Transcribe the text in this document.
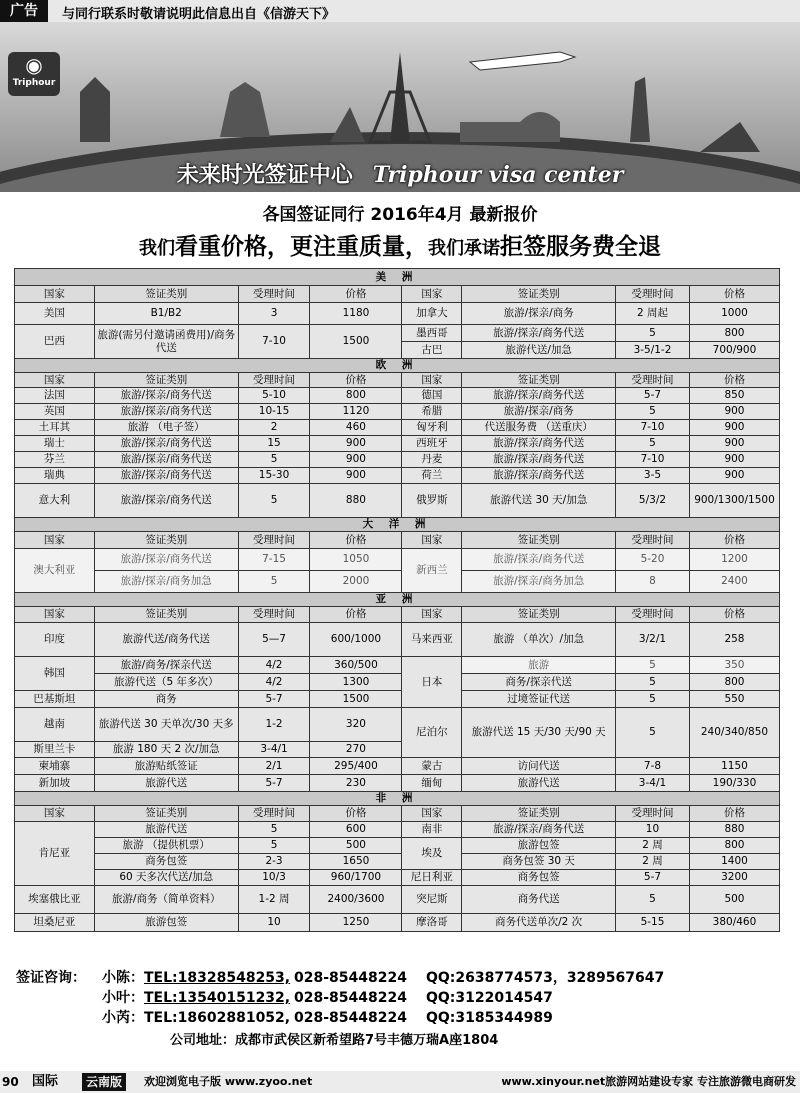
广告	与同行联系时敬请说明此信息出自《信游天下》
◉
Triphour
未来时光签证中心 Triphour visa center
各国签证同行 2016年4月 最新报价
我们看重价格，更注重质量，我们承诺拒签服务费全退
美 洲							
国家	签证类别	受理时间	价格	国家	签证类别	受理时间	价格
美国	B1/B2	3	1180	加拿大	旅游/探亲/商务	2 周起	1000
巴西	旅游(需另付邀请函费用)/商务代送	7-10	1500	墨西哥	旅游/探亲/商务代送	5	800
				古巴	旅游代送/加急	3-5/1-2	700/900
欧 洲							
国家	签证类别	受理时间	价格	国家	签证类别	受理时间	价格
法国	旅游/探亲/商务代送	5-10	800	德国	旅游/探亲/商务代送	5-7	850
英国	旅游/探亲/商务代送	10-15	1120	希腊	旅游/探亲/商务	5	900
土耳其	旅游 （电子签）	2	460	匈牙利	代送服务费 （送重庆）	7-10	900
瑞士	旅游/探亲/商务代送	15	900	西班牙	旅游/探亲/商务代送	5	900
芬兰	旅游/探亲/商务代送	5	900	丹麦	旅游/探亲/商务代送	7-10	900
瑞典	旅游/探亲/商务代送	15-30	900	荷兰	旅游/探亲/商务代送	3-5	900
意大利	旅游/探亲/商务代送	5	880	俄罗斯	旅游代送 30 天/加急	5/3/2	900/1300/1500
大 洋 洲							
国家	签证类别	受理时间	价格	国家	签证类别	受理时间	价格
澳大利亚	旅游/探亲/商务代送	7-15	1050	新西兰	旅游/探亲/商务代送	5-20	1200
	旅游/探亲/商务加急	5	2000		旅游/探亲/商务加急	8	2400
亚 洲							
国家	签证类别	受理时间	价格	国家	签证类别	受理时间	价格
印度	旅游代送/商务代送	5—7	600/1000	马来西亚	旅游 （单次）/加急	3/2/1	258
韩国	旅游/商务/探亲代送	4/2	360/500	日本	旅游	5	350
	旅游代送（5 年多次）	4/2	1300		商务/探亲代送	5	800
巴基斯坦	商务	5-7	1500		过境签证代送	5	550
越南	旅游代送 30 天单次/30 天多	1-2	320	尼泊尔	旅游代送 15 天/30 天/90 天	5	240/340/850
斯里兰卡	旅游 180 天 2 次/加急	3-4/1	270				
柬埔寨	旅游贴纸签证	2/1	295/400	蒙古	访问代送	7-8	1150
新加坡	旅游代送	5-7	230	缅甸	旅游代送	3-4/1	190/330
非 洲							
国家	签证类别	受理时间	价格	国家	签证类别	受理时间	价格
肯尼亚	旅游代送	5	600	南非	旅游/探亲/商务代送	10	880
	旅游 （提供机票）	5	500	埃及	旅游包签	2 周	800
	商务包签	2-3	1650		商务包签 30 天	2 周	1400
	60 天多次代送/加急	10/3	960/1700	尼日利亚	商务包签	5-7	3200
埃塞俄比亚	旅游/商务（简单资料）	1-2 周	2400/3600	突尼斯	商务代送	5	500
坦桑尼亚	旅游包签	10	1250	摩洛哥	商务代送单次/2 次	5-15	380/460
签证咨询： 小陈：TEL:18328548253, 028-85448224 QQ:2638774573，3289567647
小叶：TEL:13540151232, 028-85448224 QQ:3122014547
小芮：TEL:18602881052, 028-85448224 QQ:3185344989
公司地址：成都市武侯区新希望路7号丰德万瑞A座1804
90 国际	云南版	欢迎浏览电子版 www.zyoo.net	www.xinyour.net旅游网站建设专家 专注旅游微电商研发
